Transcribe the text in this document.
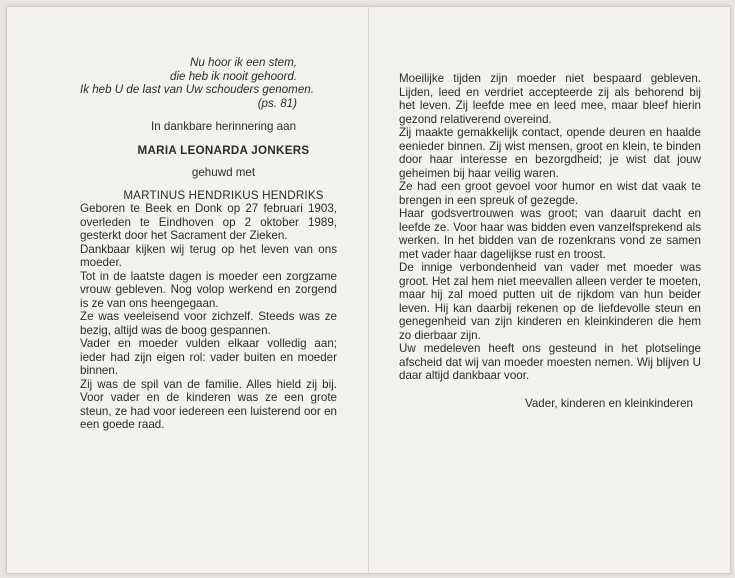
Nu hoor ik een stem,
die heb ik nooit gehoord.
Ik heb U de last van Uw schouders genomen.
(ps. 81)
In dankbare herinnering aan
MARIA LEONARDA JONKERS
gehuwd met
MARTINUS HENDRIKUS HENDRIKS

Geboren te Beek en Donk op 27 februari 1903, overleden te Eindhoven op 2 oktober 1989, gesterkt door het Sacrament der Zieken.

Dankbaar kijken wij terug op het leven van ons moeder.

Tot in de laatste dagen is moeder een zorgzame vrouw gebleven. Nog volop werkend en zorgend is ze van ons heengegaan.

Ze was veeleisend voor zichzelf. Steeds was ze bezig, altijd was de boog gespannen.

Vader en moeder vulden elkaar volledig aan; ieder had zijn eigen rol: vader buiten en moeder binnen.

Zij was de spil van de familie. Alles hield zij bij. Voor vader en de kinderen was ze een grote steun, ze had voor iedereen een luisterend oor en een goede raad.

Moeilijke tijden zijn moeder niet bespaard gebleven. Lijden, leed en verdriet accepteerde zij als behorend bij het leven. Zij leefde mee en leed mee, maar bleef hierin gezond relativerend overeind.

Zij maakte gemakkelijk contact, opende deuren en haalde eenieder binnen. Zij wist mensen, groot en klein, te binden door haar interesse en bezorgdheid; je wist dat jouw geheimen bij haar veilig waren.

Ze had een groot gevoel voor humor en wist dat vaak te brengen in een spreuk of gezegde.

Haar godsvertrouwen was groot; van daaruit dacht en leefde ze. Voor haar was bidden even vanzelfsprekend als werken. In het bidden van de rozenkrans vond ze samen met vader haar dagelijkse rust en troost.

De innige verbondenheid van vader met moeder was groot. Het zal hem niet meevallen alleen verder te moeten, maar hij zal moed putten uit de rijkdom van hun beider leven. Hij kan daarbij rekenen op de liefdevolle steun en genegenheid van zijn kinderen en kleinkinderen die hem zo dierbaar zijn.

Uw medeleven heeft ons gesteund in het plotselinge afscheid dat wij van moeder moesten nemen. Wij blijven U daar altijd dankbaar voor.

Vader, kinderen en kleinkinderen
